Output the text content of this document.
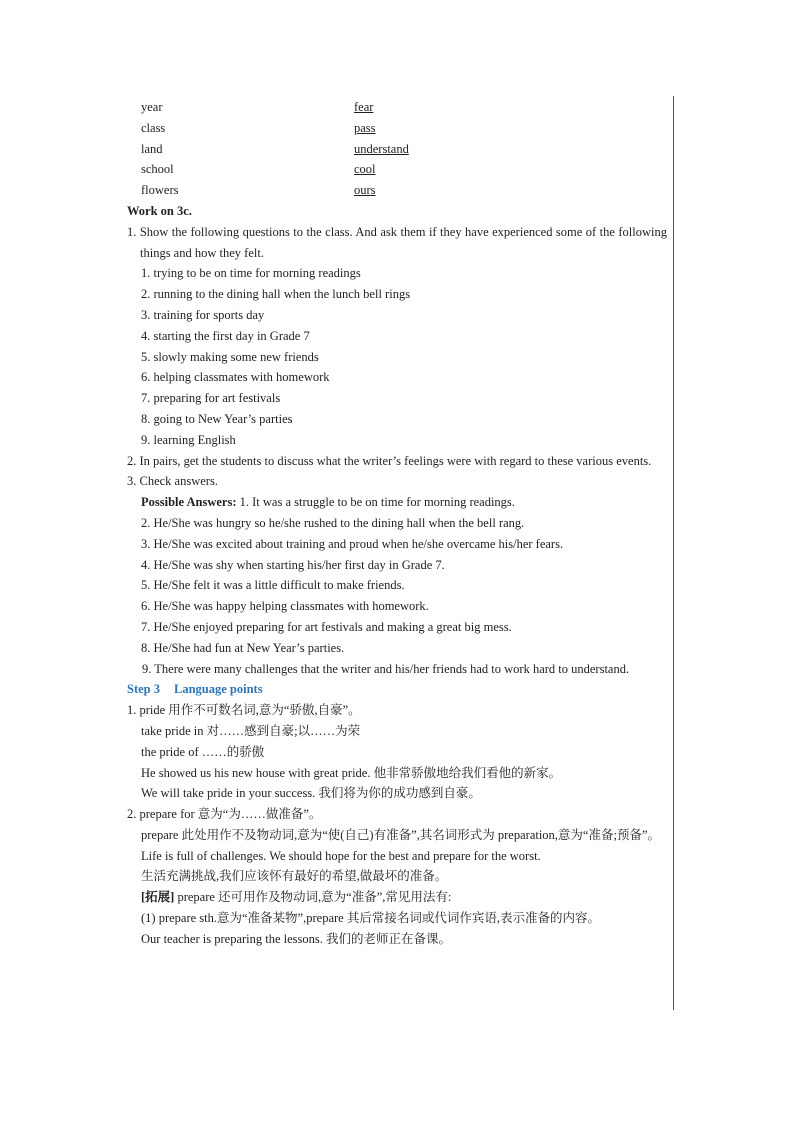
year	fear
class	pass
land	understand
school	cool
flowers	ours
Work on 3c.
1. Show the following questions to the class. And ask them if they have experienced some of the following things and how they felt.
1. trying to be on time for morning readings
2. running to the dining hall when the lunch bell rings
3. training for sports day
4. starting the first day in Grade 7
5. slowly making some new friends
6. helping classmates with homework
7. preparing for art festivals
8. going to New Year’s parties
9. learning English
2. In pairs, get the students to discuss what the writer’s feelings were with regard to these various events.
3. Check answers.
Possible Answers: 1. It was a struggle to be on time for morning readings.
2. He/She was hungry so he/she rushed to the dining hall when the bell rang.
3. He/She was excited about training and proud when he/she overcame his/her fears.
4. He/She was shy when starting his/her first day in Grade 7.
5. He/She felt it was a little difficult to make friends.
6. He/She was happy helping classmates with homework.
7. He/She enjoyed preparing for art festivals and making a great big mess.
8. He/She had fun at New Year’s parties.
9. There were many challenges that the writer and his/her friends had to work hard to understand.
Step 3 Language points
1. pride 用作不可数名词,意为“骄傲,自豪”。
take pride in 对……感到自豪;以……为荣
the pride of ……的骄傲
He showed us his new house with great pride. 他非常骄傲地给我们看他的新家。
We will take pride in your success. 我们将为你的成功感到自豪。
2. prepare for 意为“为……做准备”。
prepare 此处用作不及物动词,意为“使(自己)有准备”,其名词形式为 preparation,意为“准备;预备”。
Life is full of challenges. We should hope for the best and prepare for the worst.
生活充满挑战,我们应该怀有最好的希望,做最坏的准备。
[拓展] prepare 还可用作及物动词,意为“准备”,常见用法有:
(1) prepare sth.意为“准备某物”,prepare 其后常接名词或代词作宾语,表示准备的内容。
Our teacher is preparing the lessons. 我们的老师正在备课。
